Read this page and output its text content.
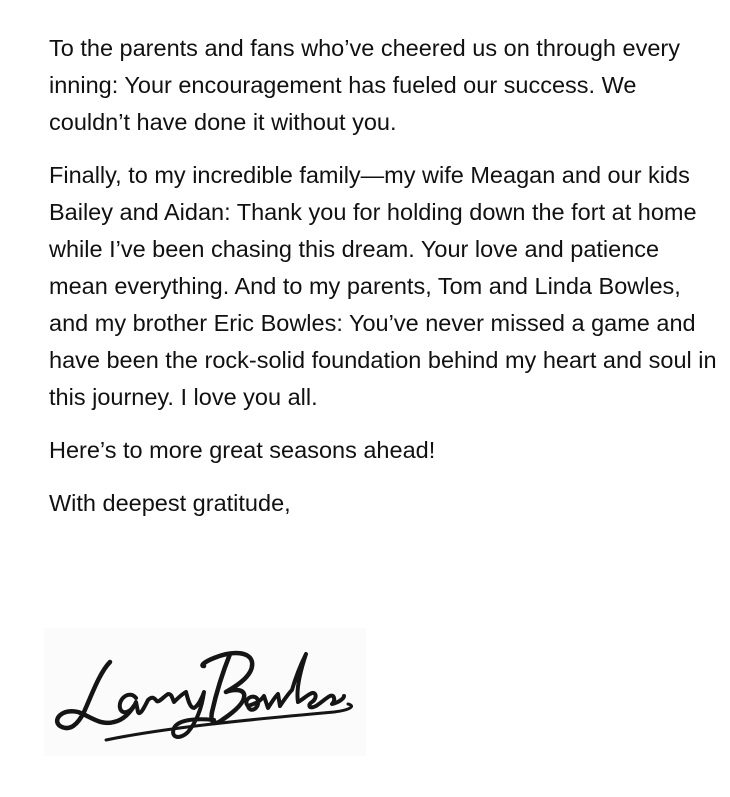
To the parents and fans who’ve cheered us on through every inning: Your encouragement has fueled our success. We couldn’t have done it without you.

Finally, to my incredible family—my wife Meagan and our kids Bailey and Aidan: Thank you for holding down the fort at home while I’ve been chasing this dream. Your love and patience mean everything. And to my parents, Tom and Linda Bowles, and my brother Eric Bowles: You’ve never missed a game and have been the rock-solid foundation behind my heart and soul in this journey. I love you all.

Here’s to more great seasons ahead!

With deepest gratitude,
